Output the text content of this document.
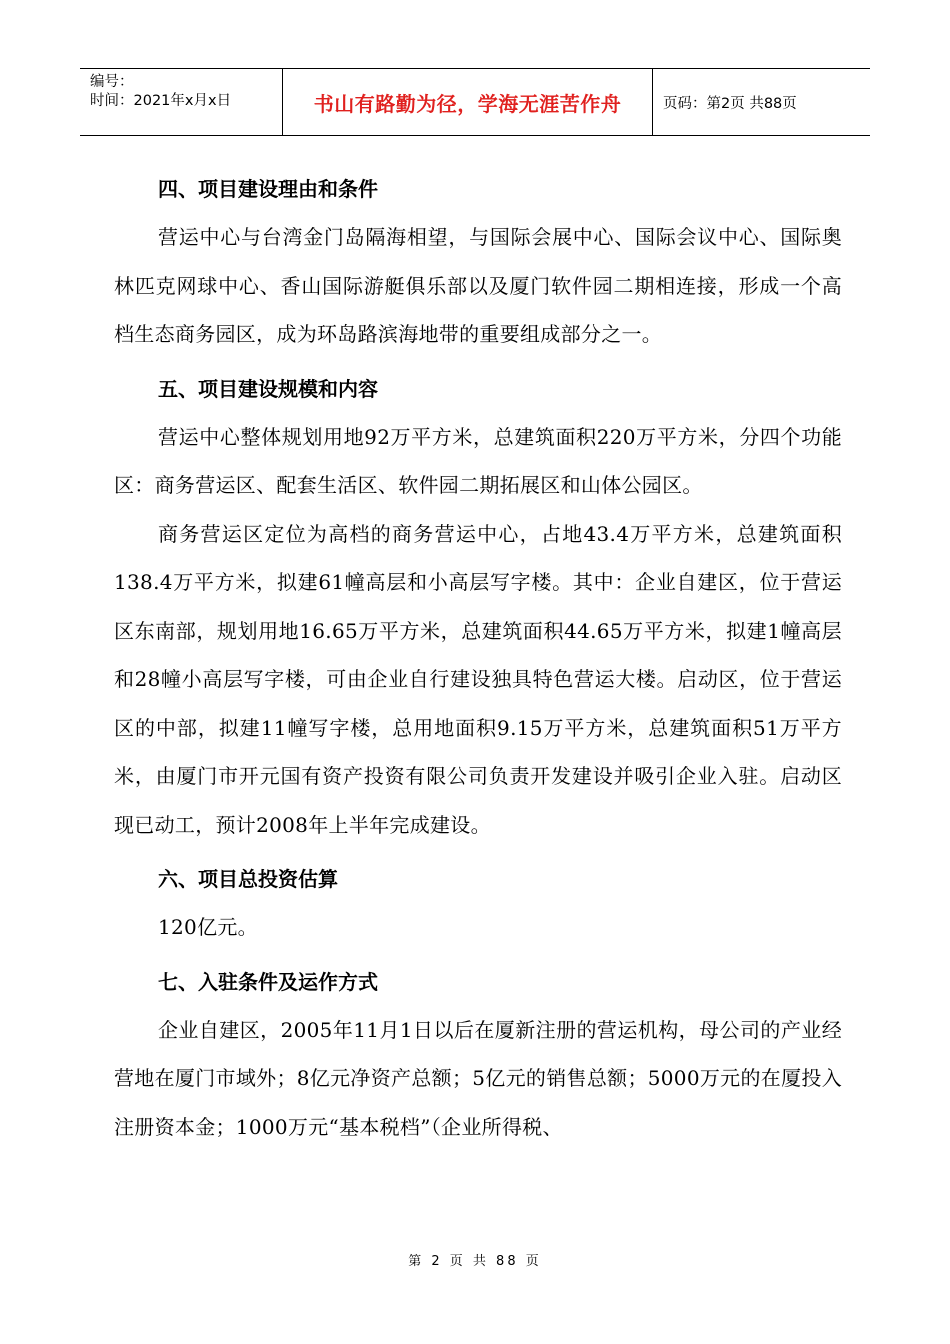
编号：
时间：2021年x月x日	书山有路勤为径，学海无涯苦作舟	页码：第2页 共88页
四、项目建设理由和条件

营运中心与台湾金门岛隔海相望，与国际会展中心、国际会议中心、国际奥林匹克网球中心、香山国际游艇俱乐部以及厦门软件园二期相连接，形成一个高档生态商务园区，成为环岛路滨海地带的重要组成部分之一。

五、项目建设规模和内容

营运中心整体规划用地92万平方米，总建筑面积220万平方米，分四个功能区：商务营运区、配套生活区、软件园二期拓展区和山体公园区。

商务营运区定位为高档的商务营运中心，占地43.4万平方米，总建筑面积138.4万平方米，拟建61幢高层和小高层写字楼。其中：企业自建区，位于营运区东南部，规划用地16.65万平方米，总建筑面积44.65万平方米，拟建1幢高层和28幢小高层写字楼，可由企业自行建设独具特色营运大楼。启动区，位于营运区的中部，拟建11幢写字楼，总用地面积9.15万平方米，总建筑面积51万平方米，由厦门市开元国有资产投资有限公司负责开发建设并吸引企业入驻。启动区现已动工，预计2008年上半年完成建设。

六、项目总投资估算

120亿元。

七、入驻条件及运作方式

企业自建区，2005年11月1日以后在厦新注册的营运机构，母公司的产业经营地在厦门市域外；8亿元净资产总额；5亿元的销售总额；5000万元的在厦投入注册资本金；1000万元“基本税档”（企业所得税、

第 2 页 共 88 页
